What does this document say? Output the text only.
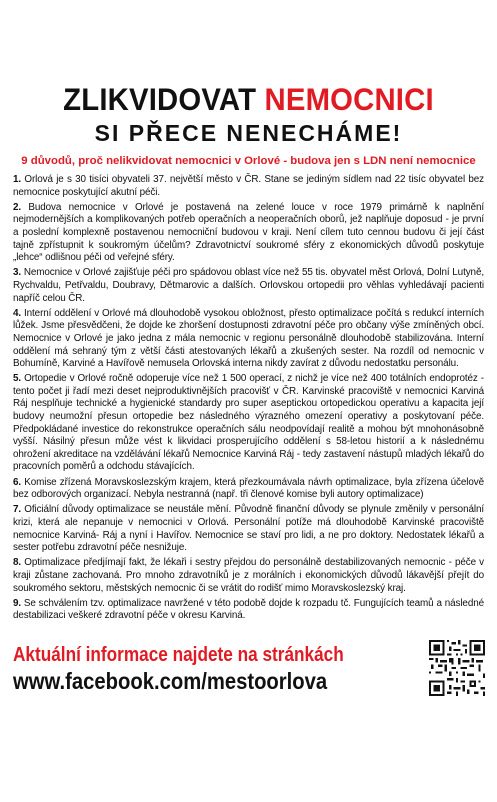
ZLIKVIDOVAT NEMOCNICI
SI PŘECE NENECHÁME!
9 důvodů, proč nelikvidovat nemocnici v Orlové - budova jen s LDN není nemocnice

1. Orlová je s 30 tisíci obyvateli 37. největší město v ČR. Stane se jediným sídlem nad 22 tisíc obyvatel bez nemocnice poskytující akutní péči.

2. Budova nemocnice v Orlové je postavená na zelené louce v roce 1979 primárně k naplnění nejmodernějších a komplikovaných potřeb operačních a neoperačních oborů, jež naplňuje doposud - je první a poslední komplexně postavenou nemocniční budovou v kraji. Není cílem tuto cennou budovu či její část tajně zpřístupnit k soukromým účelům? Zdravotnictví soukromé sféry z ekonomických důvodů poskytuje „lehce“ odlišnou péči od veřejné sféry.

3. Nemocnice v Orlové zajišťuje péči pro spádovou oblast více než 55 tis. obyvatel měst Orlová, Dolní Lutyně, Rychvaldu, Petřvaldu, Doubravy, Dětmarovic a dalších. Orlovskou ortopedii pro věhlas vyhledávají pacienti napříč celou ČR.

4. Interní oddělení v Orlové má dlouhodobě vysokou obložnost, přesto optimalizace počítá s redukcí interních lůžek. Jsme přesvědčeni, že dojde ke zhoršení dostupnosti zdravotní péče pro občany výše zmíněných obcí. Nemocnice v Orlové je jako jedna z mála nemocnic v regionu personálně dlouhodobě stabilizována. Interní oddělení má sehraný tým z větší části atestovaných lékařů a zkušených sester. Na rozdíl od nemocnic v Bohumíně, Karviné a Havířově nemusela Orlovská interna nikdy zavírat z důvodu nedostatku personálu.

5. Ortopedie v Orlové ročně odoperuje více než 1 500 operací, z nichž je více než 400 totálních endoprotéz - tento počet ji řadí mezi deset nejproduktivnějších pracovišť v ČR. Karvinské pracoviště v nemocnici Karviná Ráj nesplňuje technické a hygienické standardy pro super aseptickou ortopedickou operativu a kapacita její budovy neumožní přesun ortopedie bez následného výrazného omezení operativy a poskytovaní péče. Předpokládané investice do rekonstrukce operačních sálu neodpovídají realitě a mohou být mnohonásobně vyšší. Násilný přesun může vést k likvidaci prosperujícího oddělení s 58-letou historií a k následnému ohrožení akreditace na vzdělávání lékařů Nemocnice Karviná Ráj - tedy zastavení nástupů mladých lékařů do pracovních poměrů a odchodu stávajících.

6. Komise zřízená Moravskoslezským krajem, která přezkoumávala návrh optimalizace, byla zřízena účelově bez odborových organizací. Nebyla nestranná (např. tři členové komise byli autory optimalizace)

7. Oficiální důvody optimalizace se neustále mění. Původně finanční důvody se plynule změnily v personální krizi, která ale nepanuje v nemocnici v Orlová. Personální potíže má dlouhodobě Karvinské pracoviště nemocnice Karviná- Ráj a nyní i Havířov. Nemocnice se staví pro lidi, a ne pro doktory. Nedostatek lékařů a sester potřebu zdravotní péče nesnižuje.

8. Optimalizace předjímají fakt, že lékaři i sestry přejdou do personálně destabilizovaných nemocnic - péče v kraji zůstane zachovaná. Pro mnoho zdravotníků je z morálních i ekonomických důvodů lákavější přejít do soukromého sektoru, městských nemocnic či se vrátit do rodišť mimo Moravskoslezský kraj.

9. Se schválením tzv. optimalizace navržené v této podobě dojde k rozpadu tč. Fungujících teamů a následné destabilizaci veškeré zdravotní péče v okresu Karviná.

Aktuální informace najdete na stránkách
www.facebook.com/mestoorlova
